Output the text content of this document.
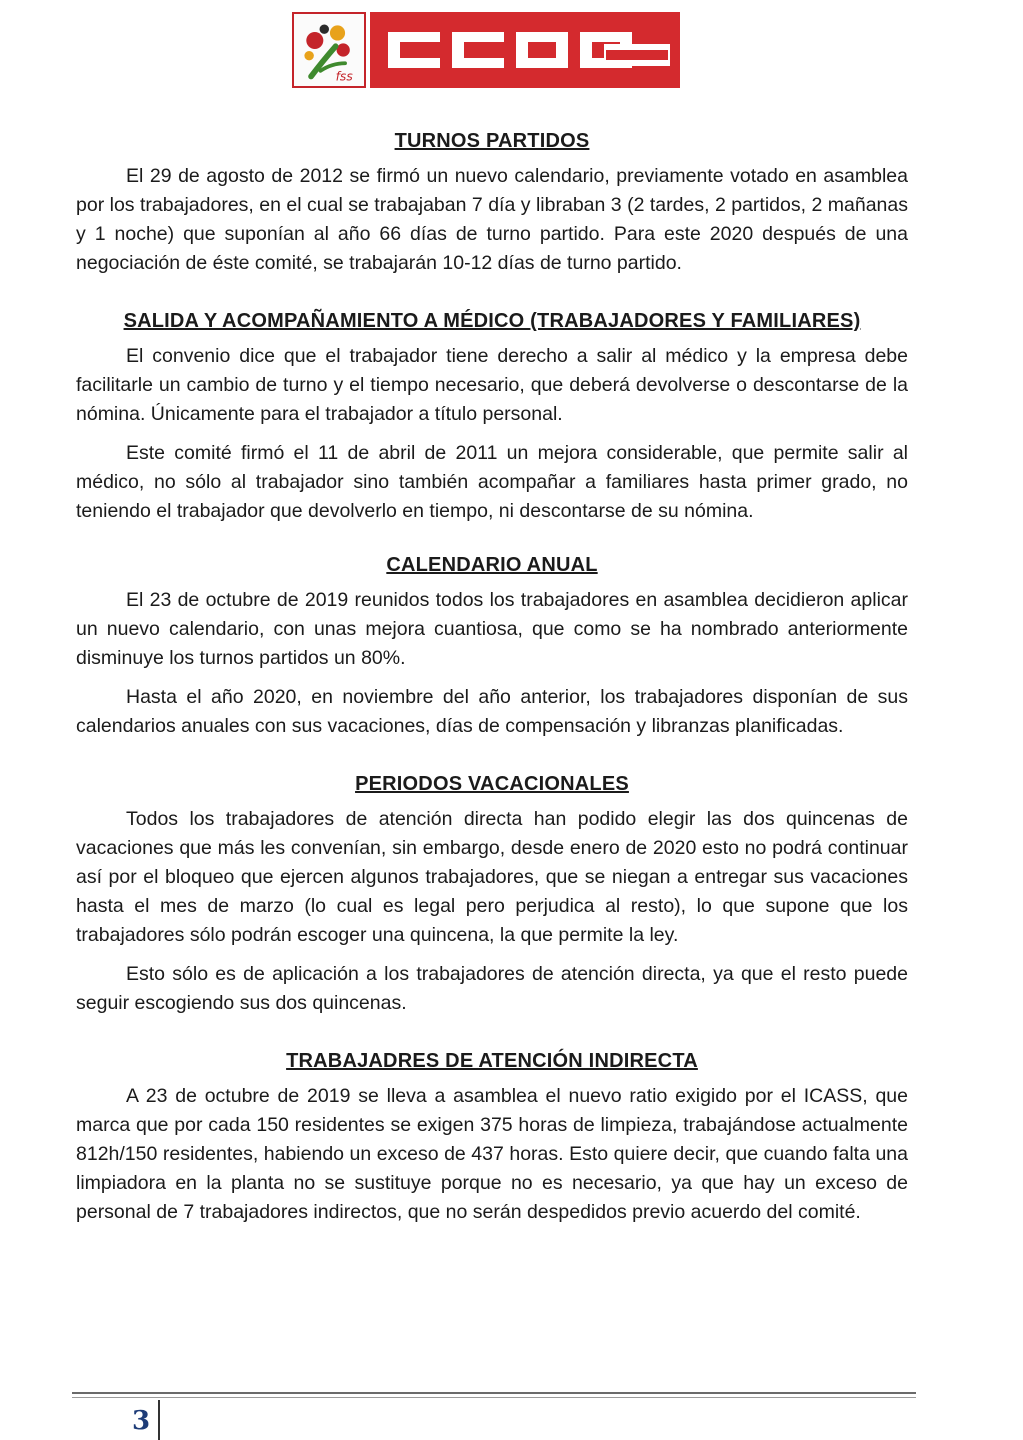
fss
TURNOS PARTIDOS

El 29 de agosto de 2012 se firmó un nuevo calendario, previamente votado en asamblea por los trabajadores, en el cual se trabajaban 7 día y libraban 3 (2 tardes, 2 partidos, 2 mañanas y 1 noche) que suponían al año 66 días de turno partido. Para este 2020 después de una negociación de éste comité, se trabajarán 10-12 días de turno partido.

SALIDA Y ACOMPAÑAMIENTO A MÉDICO (TRABAJADORES Y FAMILIARES)

El convenio dice que el trabajador tiene derecho a salir al médico y la empresa debe facilitarle un cambio de turno y el tiempo necesario, que deberá devolverse o descontarse de la nómina. Únicamente para el trabajador a título personal.

Este comité firmó el 11 de abril de 2011 un mejora considerable, que permite salir al médico, no sólo al trabajador sino también acompañar a familiares hasta primer grado, no teniendo el trabajador que devolverlo en tiempo, ni descontarse de su nómina.

CALENDARIO ANUAL

El 23 de octubre de 2019 reunidos todos los trabajadores en asamblea decidieron aplicar un nuevo calendario, con unas mejora cuantiosa, que como se ha nombrado anteriormente disminuye los turnos partidos un 80%.

Hasta el año 2020, en noviembre del año anterior, los trabajadores disponían de sus calendarios anuales con sus vacaciones, días de compensación y libranzas planificadas.

PERIODOS VACACIONALES

Todos los trabajadores de atención directa han podido elegir las dos quincenas de vacaciones que más les convenían, sin embargo, desde enero de 2020 esto no podrá continuar así por el bloqueo que ejercen algunos trabajadores, que se niegan a entregar sus vacaciones hasta el mes de marzo (lo cual es legal pero perjudica al resto), lo que supone que los trabajadores sólo podrán escoger una quincena, la que permite la ley.

Esto sólo es de aplicación a los trabajadores de atención directa, ya que el resto puede seguir escogiendo sus dos quincenas.

TRABAJADRES DE ATENCIÓN INDIRECTA

A 23 de octubre de 2019 se lleva a asamblea el nuevo ratio exigido por el ICASS, que marca que por cada 150 residentes se exigen 375 horas de limpieza, trabajándose actualmente 812h/150 residentes, habiendo un exceso de 437 horas. Esto quiere decir, que cuando falta una limpiadora en la planta no se sustituye porque no es necesario, ya que hay un exceso de personal de 7 trabajadores indirectos, que no serán despedidos previo acuerdo del comité.

3
